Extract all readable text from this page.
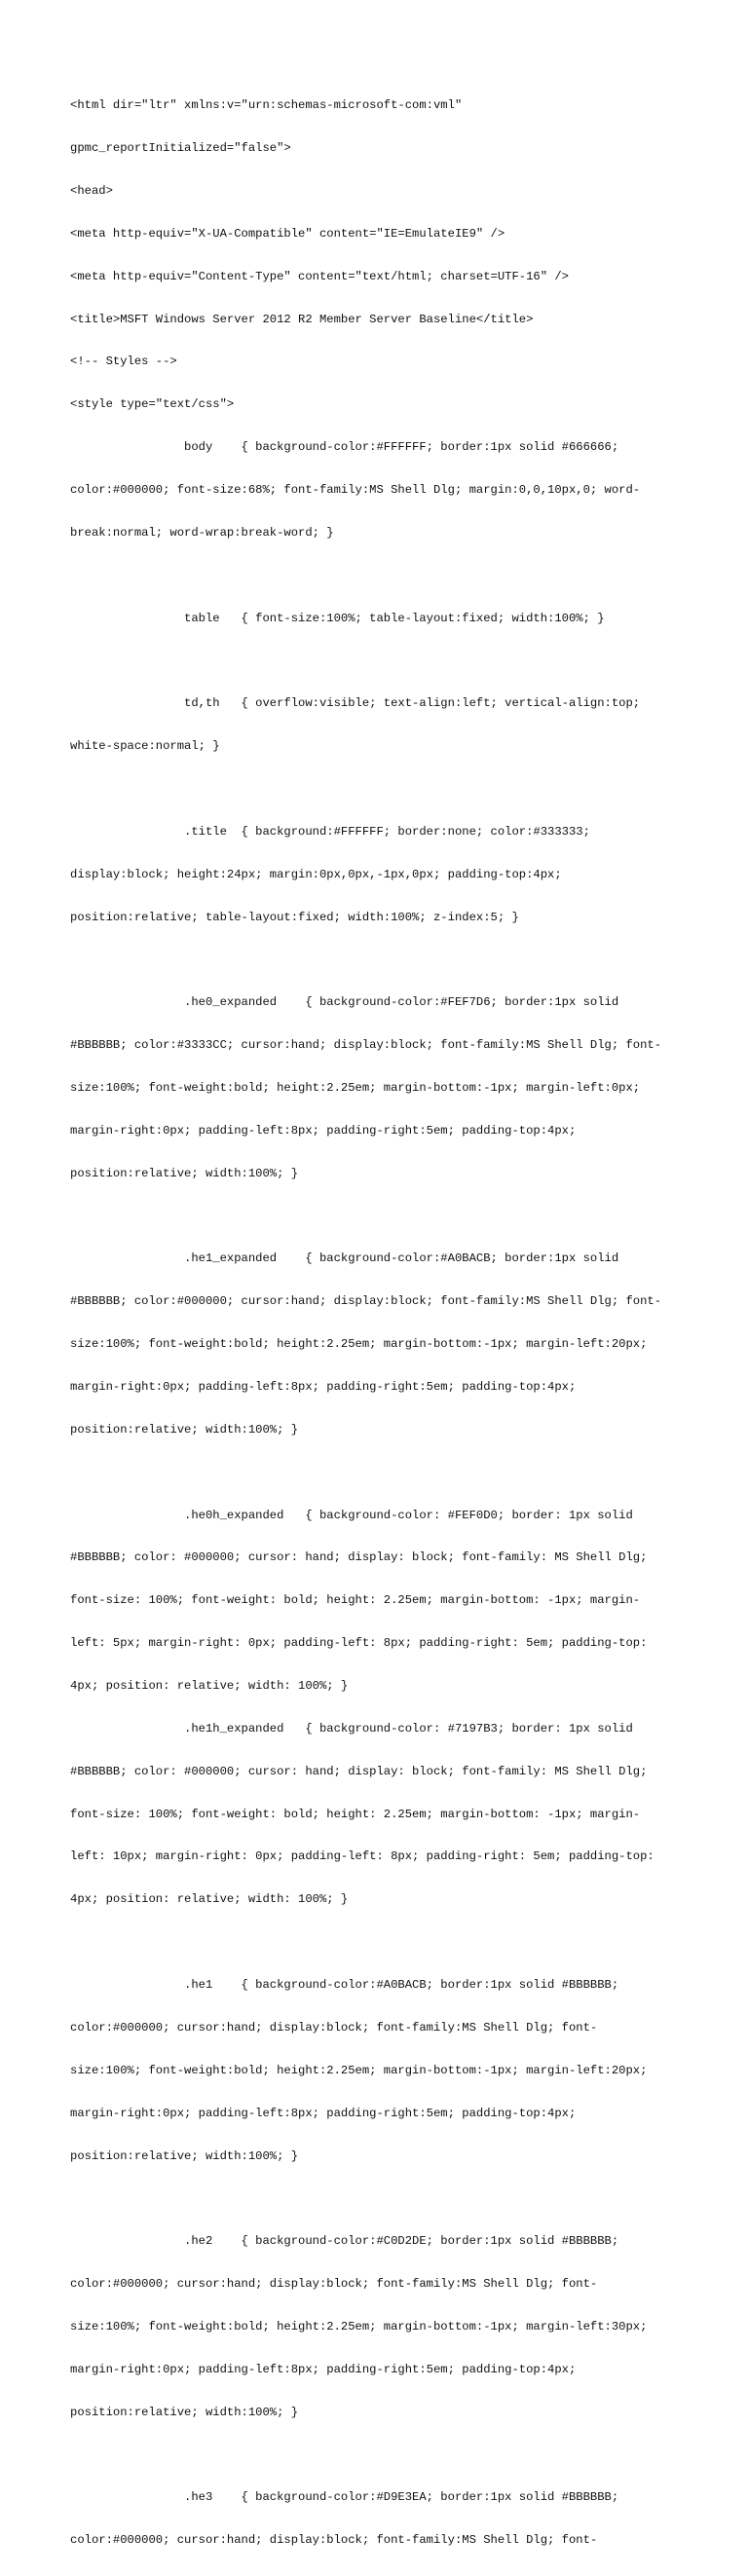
<html dir="ltr" xmlns:v="urn:schemas-microsoft-com:vml"

gpmc_reportInitialized="false">

<head>

<meta http-equiv="X-UA-Compatible" content="IE=EmulateIE9" />

<meta http-equiv="Content-Type" content="text/html; charset=UTF-16" />

<title>MSFT Windows Server 2012 R2 Member Server Baseline</title>

<!-- Styles -->

<style type="text/css">

body    { background-color:#FFFFFF; border:1px solid #666666;

color:#000000; font-size:68%; font-family:MS Shell Dlg; margin:0,0,10px,0; word-

break:normal; word-wrap:break-word; }

table   { font-size:100%; table-layout:fixed; width:100%; }

td,th   { overflow:visible; text-align:left; vertical-align:top;

white-space:normal; }

.title  { background:#FFFFFF; border:none; color:#333333;

display:block; height:24px; margin:0px,0px,-1px,0px; padding-top:4px;

position:relative; table-layout:fixed; width:100%; z-index:5; }

.he0_expanded    { background-color:#FEF7D6; border:1px solid

#BBBBBB; color:#3333CC; cursor:hand; display:block; font-family:MS Shell Dlg; font-

size:100%; font-weight:bold; height:2.25em; margin-bottom:-1px; margin-left:0px;

margin-right:0px; padding-left:8px; padding-right:5em; padding-top:4px;

position:relative; width:100%; }

.he1_expanded    { background-color:#A0BACB; border:1px solid

#BBBBBB; color:#000000; cursor:hand; display:block; font-family:MS Shell Dlg; font-

size:100%; font-weight:bold; height:2.25em; margin-bottom:-1px; margin-left:20px;

margin-right:0px; padding-left:8px; padding-right:5em; padding-top:4px;

position:relative; width:100%; }

.he0h_expanded   { background-color: #FEF0D0; border: 1px solid

#BBBBBB; color: #000000; cursor: hand; display: block; font-family: MS Shell Dlg;

font-size: 100%; font-weight: bold; height: 2.25em; margin-bottom: -1px; margin-

left: 5px; margin-right: 0px; padding-left: 8px; padding-right: 5em; padding-top:

4px; position: relative; width: 100%; }

.he1h_expanded   { background-color: #7197B3; border: 1px solid

#BBBBBB; color: #000000; cursor: hand; display: block; font-family: MS Shell Dlg;

font-size: 100%; font-weight: bold; height: 2.25em; margin-bottom: -1px; margin-

left: 10px; margin-right: 0px; padding-left: 8px; padding-right: 5em; padding-top:

4px; position: relative; width: 100%; }

.he1    { background-color:#A0BACB; border:1px solid #BBBBBB;

color:#000000; cursor:hand; display:block; font-family:MS Shell Dlg; font-

size:100%; font-weight:bold; height:2.25em; margin-bottom:-1px; margin-left:20px;

margin-right:0px; padding-left:8px; padding-right:5em; padding-top:4px;

position:relative; width:100%; }

.he2    { background-color:#C0D2DE; border:1px solid #BBBBBB;

color:#000000; cursor:hand; display:block; font-family:MS Shell Dlg; font-

size:100%; font-weight:bold; height:2.25em; margin-bottom:-1px; margin-left:30px;

margin-right:0px; padding-left:8px; padding-right:5em; padding-top:4px;

position:relative; width:100%; }

.he3    { background-color:#D9E3EA; border:1px solid #BBBBBB;

color:#000000; cursor:hand; display:block; font-family:MS Shell Dlg; font-
